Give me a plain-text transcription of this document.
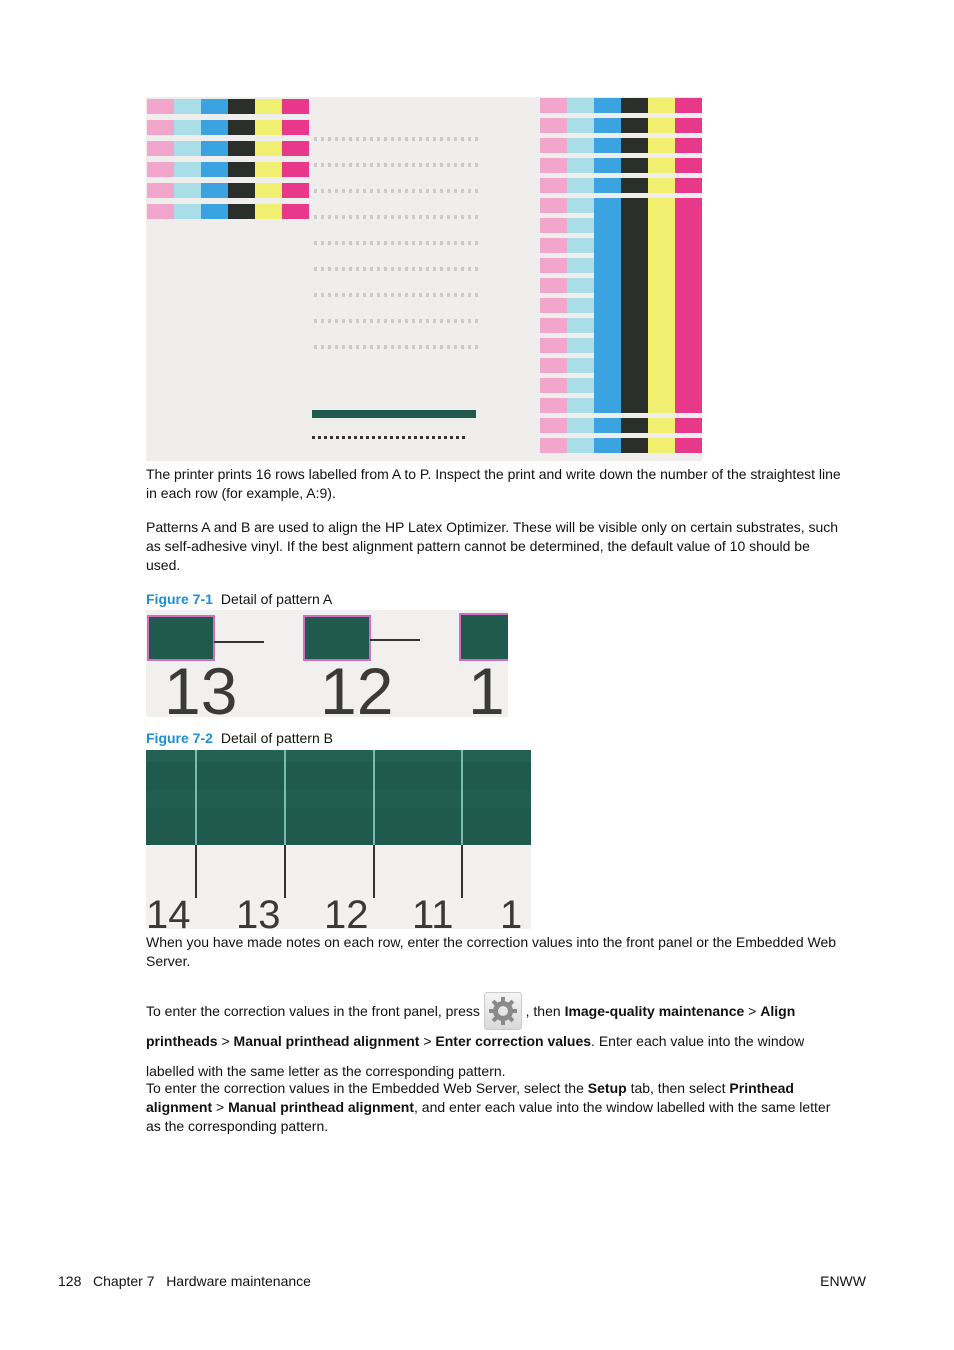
The printer prints 16 rows labelled from A to P. Inspect the print and write down the number of the straightest line in each row (for example, A:9).

Patterns A and B are used to align the HP Latex Optimizer. These will be visible only on certain substrates, such as self-adhesive vinyl. If the best alignment pattern cannot be determined, the default value of 10 should be used.

Figure 7-1 Detail of pattern A
13 12 1
Figure 7-2 Detail of pattern B
14 13 12 11 1

When you have made notes on each row, enter the correction values into the front panel or the Embedded Web Server.

To enter the correction values in the front panel, press	, then Image-quality maintenance > Align printheads > Manual printhead alignment > Enter correction values. Enter each value into the window labelled with the same letter as the corresponding pattern.

To enter the correction values in the Embedded Web Server, select the Setup tab, then select Printhead alignment > Manual printhead alignment, and enter each value into the window labelled with the same letter as the corresponding pattern.

128 Chapter 7 Hardware maintenance	ENWW
